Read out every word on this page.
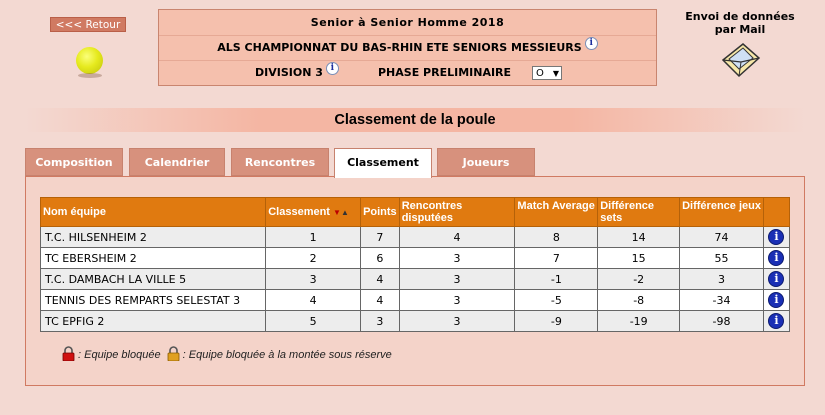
<<< Retour	Senior à Senior Homme 2018
ALS CHAMPIONNAT DU BAS-RHIN ETE SENIORS MESSIEURS i
DIVISION 3 i	PHASE PRELIMINAIRE	O ▼
Envoi de données
par Mail
Classement de la poule
Composition	Calendrier	Rencontres	Classement	Joueurs
Nom équipe	Classement ▼▲	Points	Rencontres disputées	Match Average	Différence sets	Différence jeux	
T.C. HILSENHEIM 2	1	7	4	8	14	74	i
TC EBERSHEIM 2	2	6	3	7	15	55	i
T.C. DAMBACH LA VILLE 5	3	4	3	-1	-2	3	i
TENNIS DES REMPARTS SELESTAT 3	4	4	3	-5	-8	-34	i
TC EPFIG 2	5	3	3	-9	-19	-98	i
: Equipe bloquée : Equipe bloquée à la montée sous réserve
